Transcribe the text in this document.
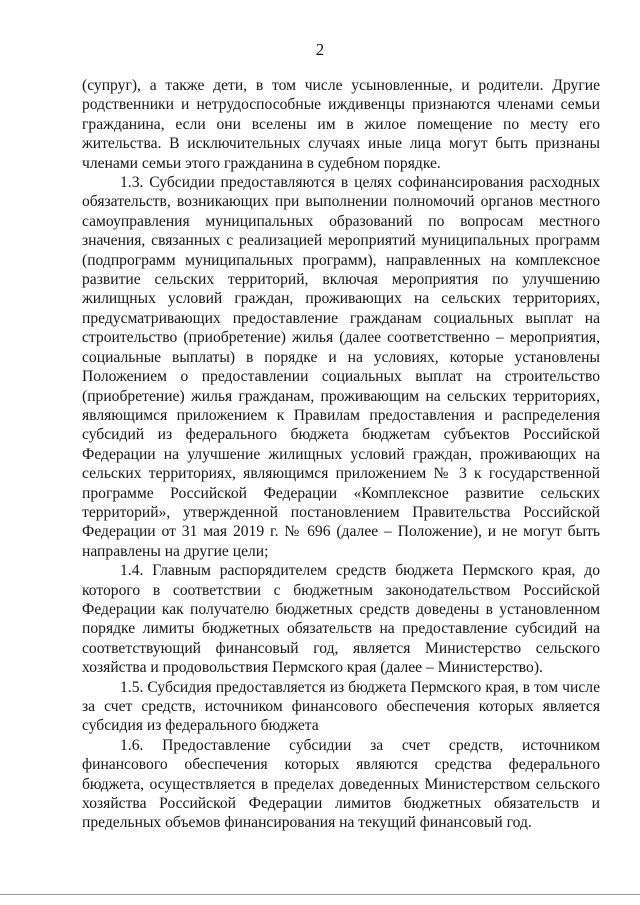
2

(супруг), а также дети, в том числе усыновленные, и родители. Другие родственники и нетрудоспособные иждивенцы признаются членами семьи гражданина, если они вселены им в жилое помещение по месту его жительства. В исключительных случаях иные лица могут быть признаны членами семьи этого гражданина в судебном порядке.

1.3. Субсидии предоставляются в целях софинансирования расходных обязательств, возникающих при выполнении полномочий органов местного самоуправления муниципальных образований по вопросам местного значения, связанных с реализацией мероприятий муниципальных программ (подпрограмм муниципальных программ), направленных на комплексное развитие сельских территорий, включая мероприятия по улучшению жилищных условий граждан, проживающих на сельских территориях, предусматривающих предоставление гражданам социальных выплат на строительство (приобретение) жилья (далее соответственно – мероприятия, социальные выплаты) в порядке и на условиях, которые установлены Положением о предоставлении социальных выплат на строительство (приобретение) жилья гражданам, проживающим на сельских территориях, являющимся приложением к Правилам предоставления и распределения субсидий из федерального бюджета бюджетам субъектов Российской Федерации на улучшение жилищных условий граждан, проживающих на сельских территориях, являющимся приложением № 3 к государственной программе Российской Федерации «Комплексное развитие сельских территорий», утвержденной постановлением Правительства Российской Федерации от 31 мая 2019 г. № 696 (далее – Положение), и не могут быть направлены на другие цели;

1.4. Главным распорядителем средств бюджета Пермского края, до которого в соответствии с бюджетным законодательством Российской Федерации как получателю бюджетных средств доведены в установленном порядке лимиты бюджетных обязательств на предоставление субсидий на соответствующий финансовый год, является Министерство сельского хозяйства и продовольствия Пермского края (далее – Министерство).

1.5. Субсидия предоставляется из бюджета Пермского края, в том числе за счет средств, источником финансового обеспечения которых является субсидия из федерального бюджета

1.6. Предоставление субсидии за счет средств, источником финансового обеспечения которых являются средства федерального бюджета, осуществляется в пределах доведенных Министерством сельского хозяйства Российской Федерации лимитов бюджетных обязательств и предельных объемов финансирования на текущий финансовый год.
